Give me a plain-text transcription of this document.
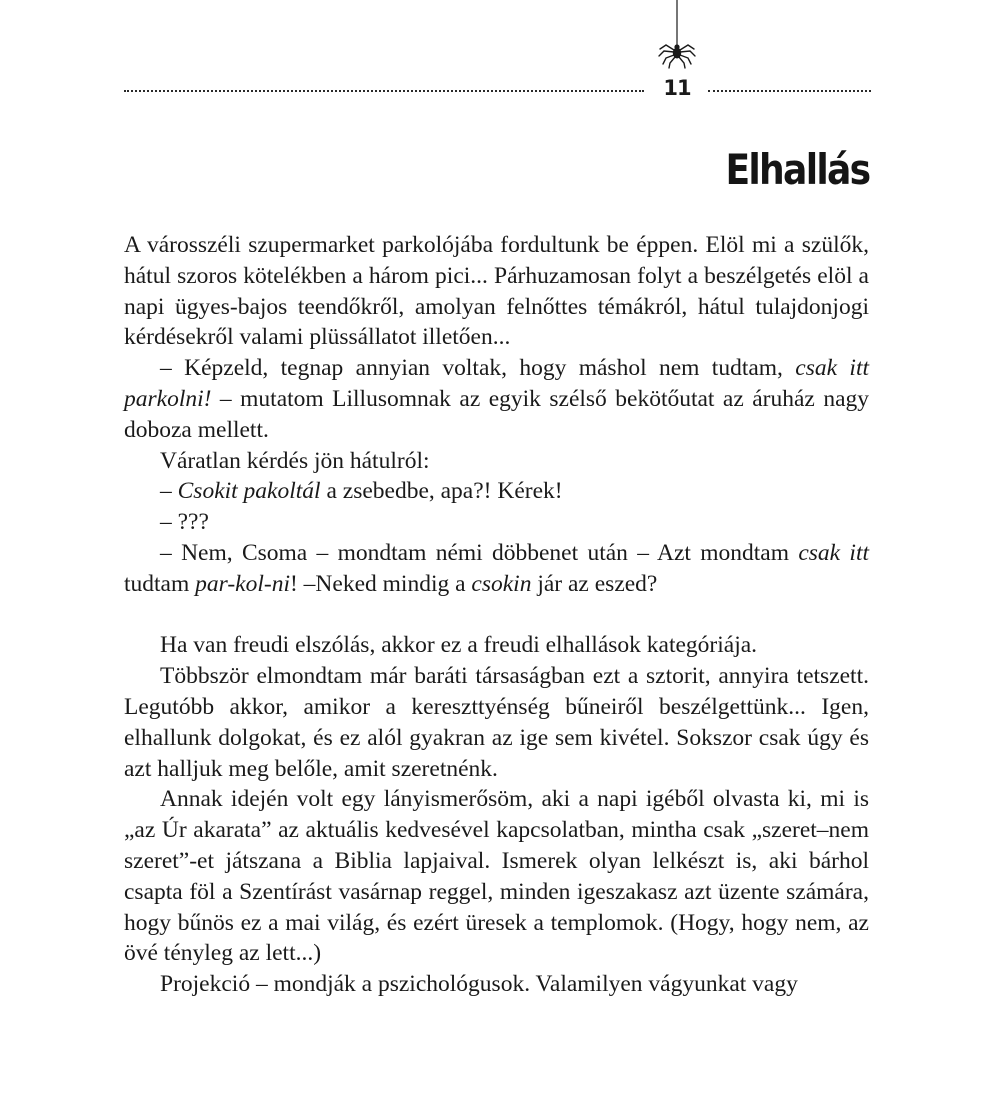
11
Elhallás

A városszéli szupermarket parkolójába fordultunk be éppen. Elöl mi a szülők, hátul szoros kötelékben a három pici... Párhuzamosan folyt a beszélgetés elöl a napi ügyes-bajos teendőkről, amolyan felnőttes témákról, hátul tulajdonjogi kérdésekről valami plüssállatot illetően...

– Képzeld, tegnap annyian voltak, hogy máshol nem tudtam, csak itt parkolni! – mutatom Lillusomnak az egyik szélső bekötőutat az áruház nagy doboza mellett.

Váratlan kérdés jön hátulról:

– Csokit pakoltál a zsebedbe, apa?! Kérek!

– ???

– Nem, Csoma – mondtam némi döbbenet után – Azt mondtam csak itt tudtam par-kol-ni! –Neked mindig a csokin jár az eszed?

Ha van freudi elszólás, akkor ez a freudi elhallások kategóriája.

Többször elmondtam már baráti társaságban ezt a sztorit, annyira tetszett. Legutóbb akkor, amikor a kereszttyénség bűneiről beszélgettünk... Igen, elhallunk dolgokat, és ez alól gyakran az ige sem kivétel. Sokszor csak úgy és azt halljuk meg belőle, amit szeretnénk.

Annak idején volt egy lányismerősöm, aki a napi igéből olvasta ki, mi is „az Úr akarata” az aktuális kedvesével kapcsolatban, mintha csak „szeret–nem szeret”-et játszana a Biblia lapjaival. Ismerek olyan lelkészt is, aki bárhol csapta föl a Szentírást vasárnap reggel, minden igeszakasz azt üzente számára, hogy bűnös ez a mai világ, és ezért üresek a templomok. (Hogy, hogy nem, az övé tényleg az lett...)

Projekció – mondják a pszichológusok. Valamilyen vágyunkat vagy
